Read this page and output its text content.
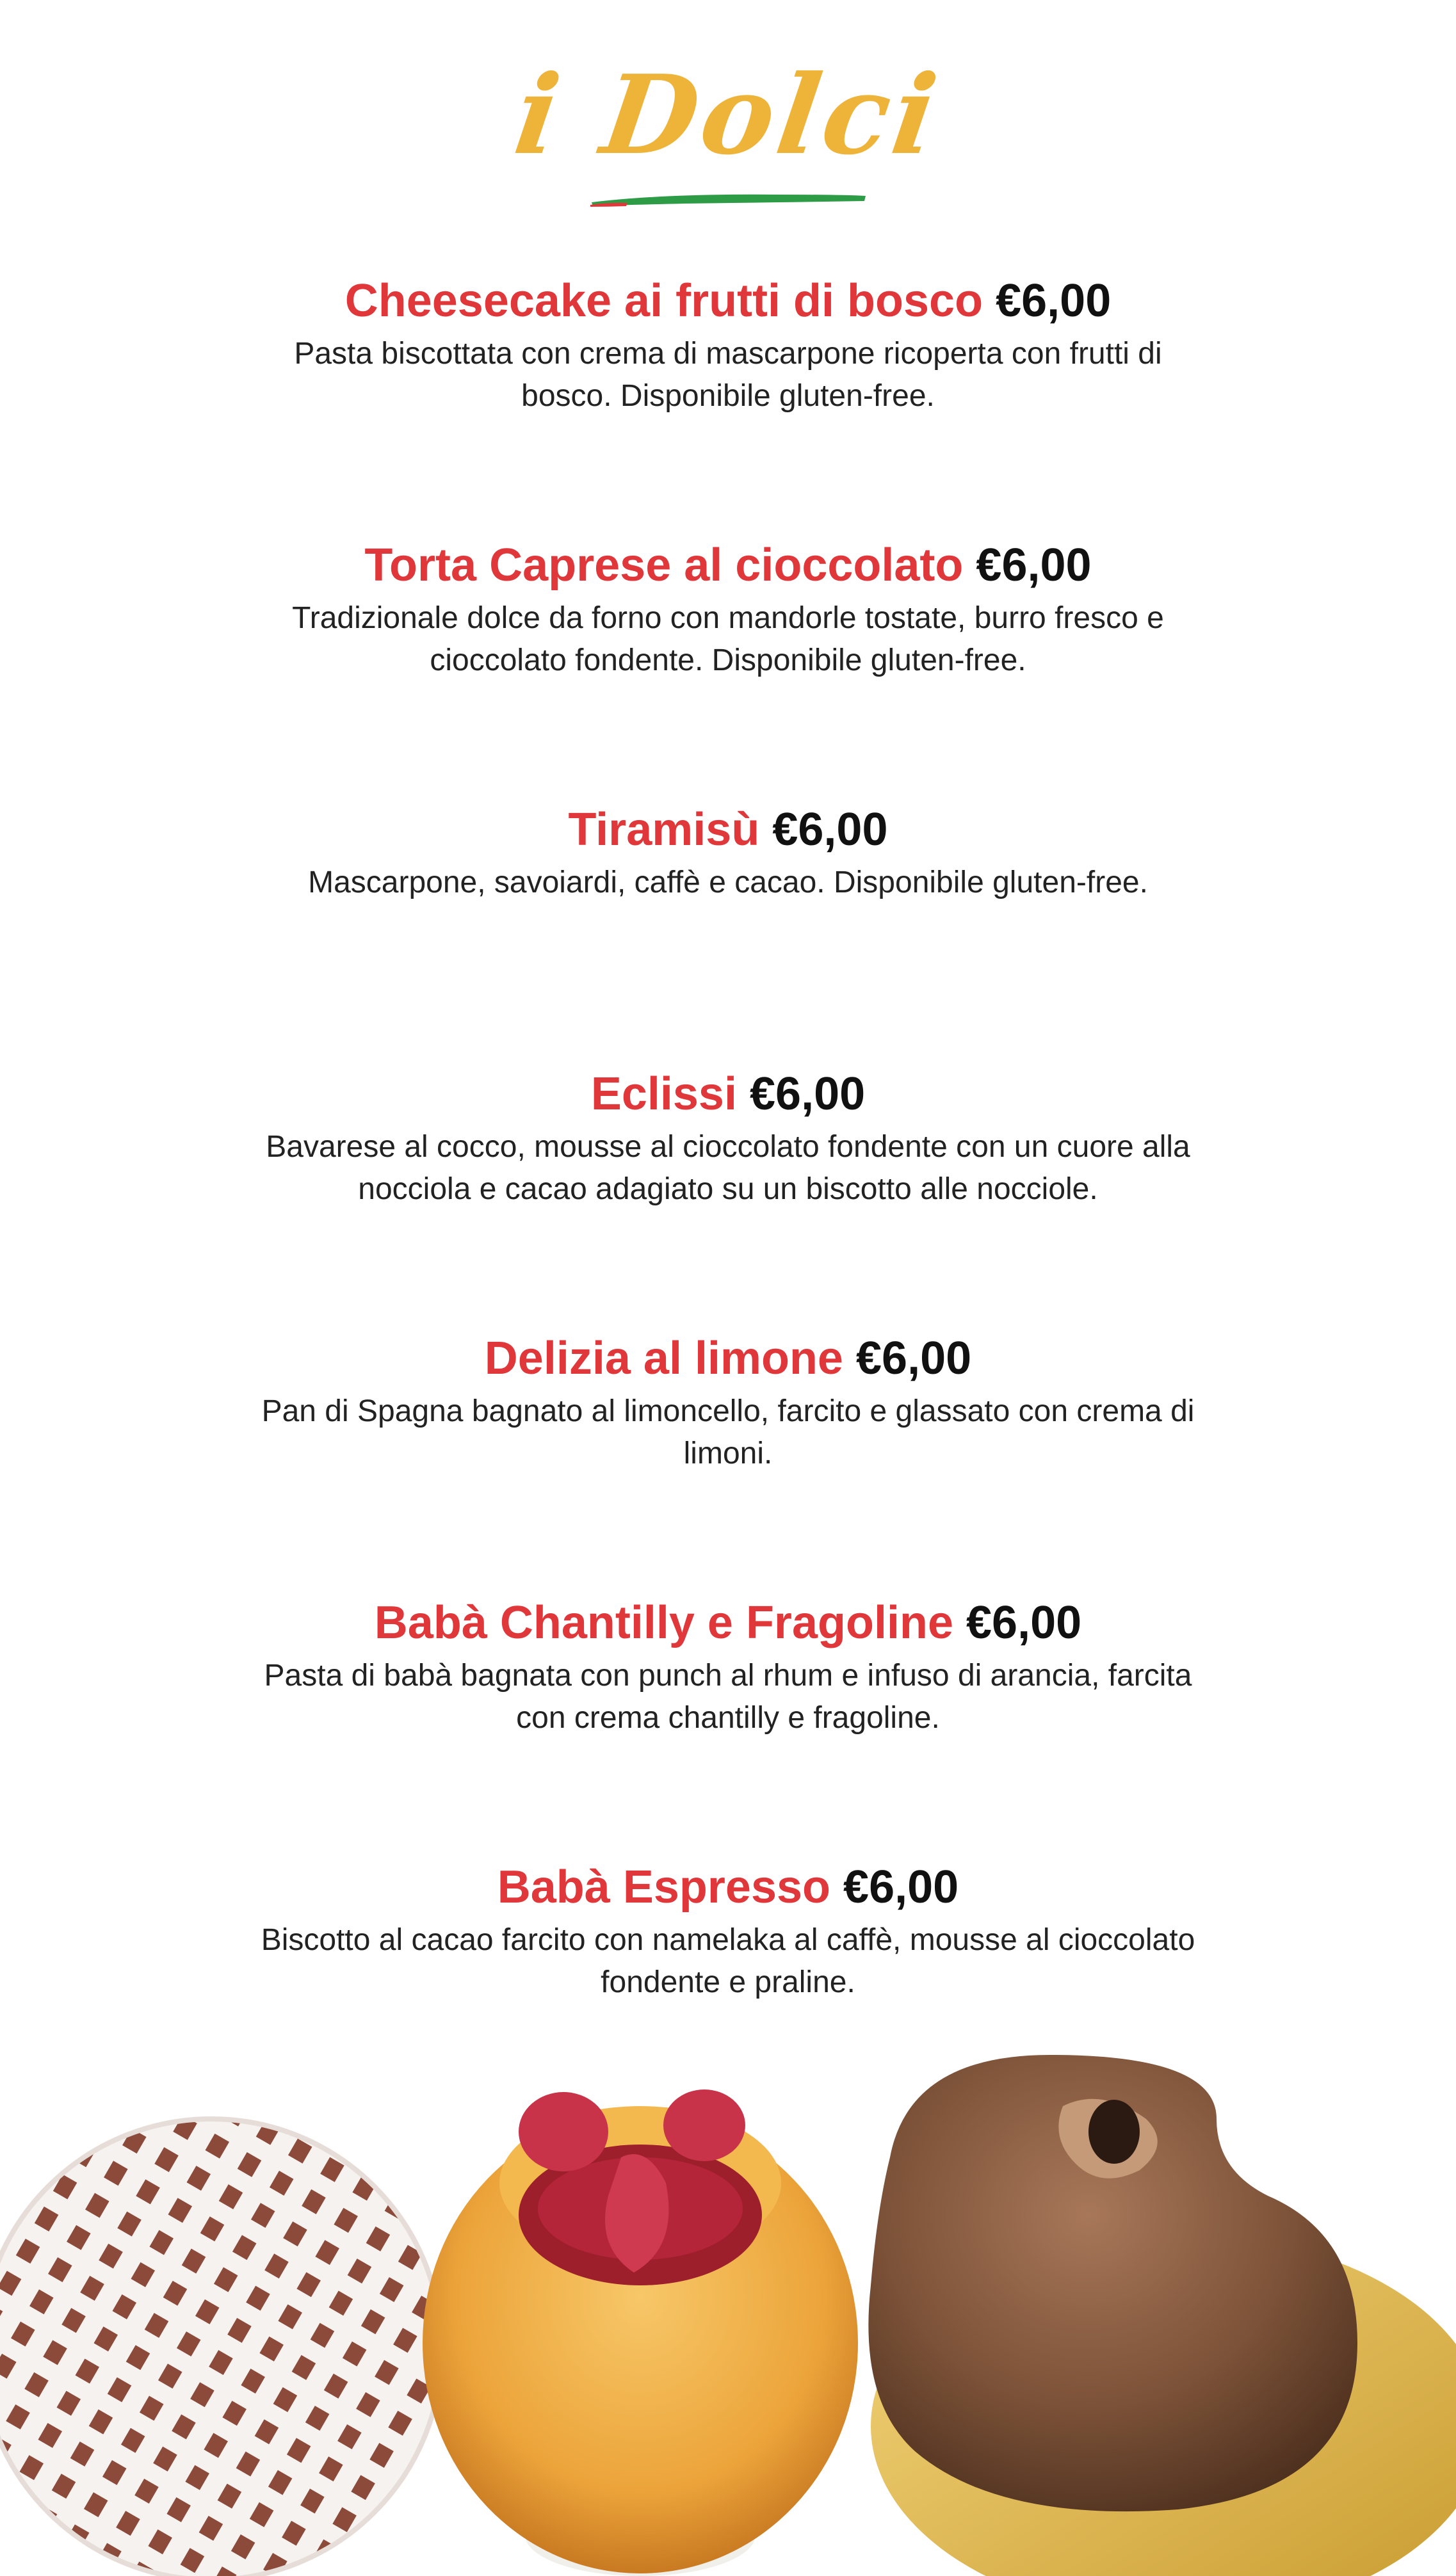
i Dolci
Cheesecake ai frutti di bosco €6,00
Pasta biscottata con crema di mascarpone ricoperta con frutti di bosco. Disponibile gluten-free.
Torta Caprese al cioccolato €6,00
Tradizionale dolce da forno con mandorle tostate, burro fresco e cioccolato fondente. Disponibile gluten-free.
Tiramisù €6,00
Mascarpone, savoiardi, caffè e cacao. Disponibile gluten-free.
Eclissi €6,00
Bavarese al cocco, mousse al cioccolato fondente con un cuore alla nocciola e cacao adagiato su un biscotto alle nocciole.
Delizia al limone €6,00
Pan di Spagna bagnato al limoncello, farcito e glassato con crema di limoni.
Babà Chantilly e Fragoline €6,00
Pasta di babà bagnata con punch al rhum e infuso di arancia, farcita con crema chantilly e fragoline.
Babà Espresso €6,00
Biscotto al cacao farcito con namelaka al caffè, mousse al cioccolato fondente e praline.
